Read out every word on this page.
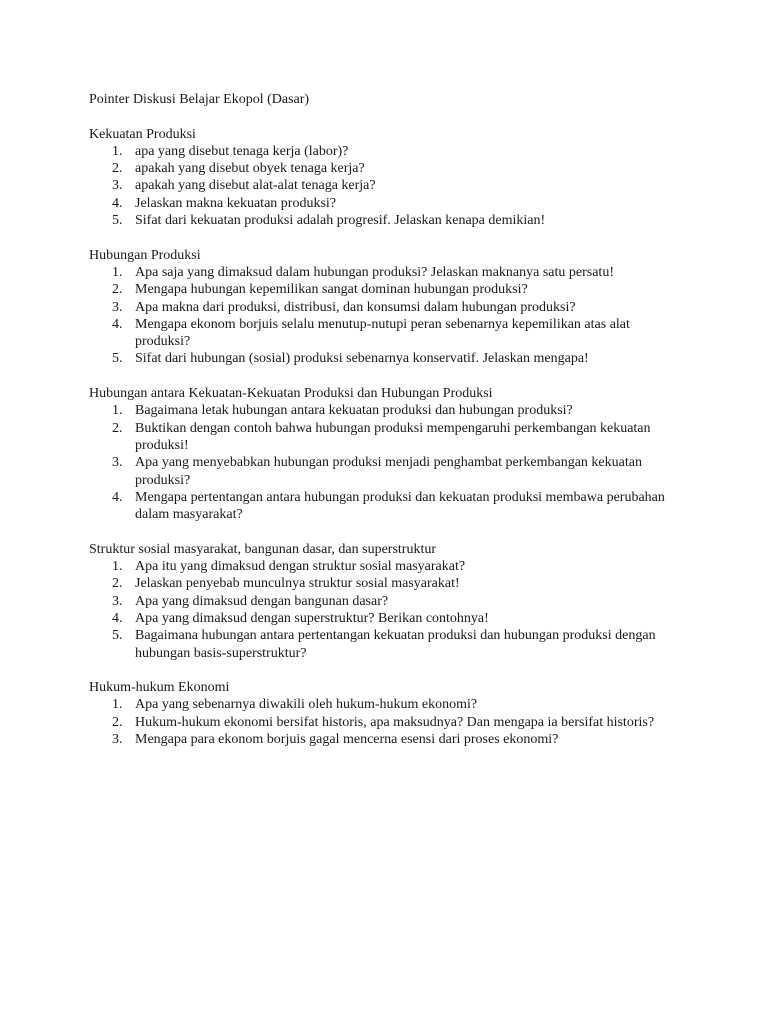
Pointer Diskusi Belajar Ekopol (Dasar)

Kekuatan Produksi

1. apa yang disebut tenaga kerja (labor)?
2. apakah yang disebut obyek tenaga kerja?
3. apakah yang disebut alat-alat tenaga kerja?
4. Jelaskan makna kekuatan produksi?
5. Sifat dari kekuatan produksi adalah progresif. Jelaskan kenapa demikian!

Hubungan Produksi

1. Apa saja yang dimaksud dalam hubungan produksi? Jelaskan maknanya satu persatu!
2. Mengapa hubungan kepemilikan sangat dominan hubungan produksi?
3. Apa makna dari produksi, distribusi, dan konsumsi dalam hubungan produksi?
4. Mengapa ekonom borjuis selalu menutup-nutupi peran sebenarnya kepemilikan atas alat produksi?
5. Sifat dari hubungan (sosial) produksi sebenarnya konservatif. Jelaskan mengapa!

Hubungan antara Kekuatan-Kekuatan Produksi dan Hubungan Produksi

1. Bagaimana letak hubungan antara kekuatan produksi dan hubungan produksi?
2. Buktikan dengan contoh bahwa hubungan produksi mempengaruhi perkembangan kekuatan produksi!
3. Apa yang menyebabkan hubungan produksi menjadi penghambat perkembangan kekuatan produksi?
4. Mengapa pertentangan antara hubungan produksi dan kekuatan produksi membawa perubahan dalam masyarakat?

Struktur sosial masyarakat, bangunan dasar, dan superstruktur

1. Apa itu yang dimaksud dengan struktur sosial masyarakat?
2. Jelaskan penyebab munculnya struktur sosial masyarakat!
3. Apa yang dimaksud dengan bangunan dasar?
4. Apa yang dimaksud dengan superstruktur? Berikan contohnya!
5. Bagaimana hubungan antara pertentangan kekuatan produksi dan hubungan produksi dengan hubungan basis-superstruktur?

Hukum-hukum Ekonomi

1. Apa yang sebenarnya diwakili oleh hukum-hukum ekonomi?
2. Hukum-hukum ekonomi bersifat historis, apa maksudnya? Dan mengapa ia bersifat historis?
3. Mengapa para ekonom borjuis gagal mencerna esensi dari proses ekonomi?
